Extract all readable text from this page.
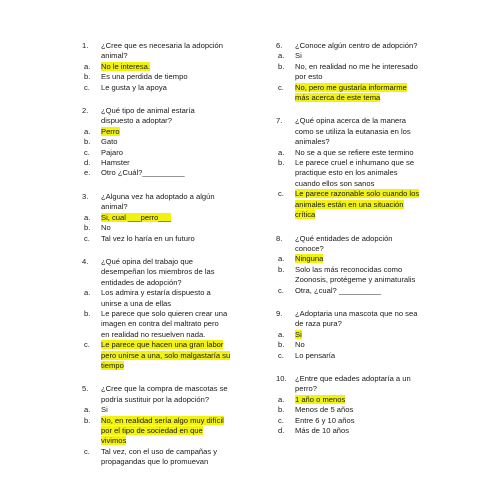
1. ¿Cree que es necesaria la adopción
animal?
a. No le interesa.
b. Es una perdida de tiempo
c. Le gusta y la apoya
2. ¿Qué tipo de animal estaría
dispuesto a adoptar?
a. Perro
b. Gato
c. Pajaro
d. Hamster
e. Otro ¿Cuál?__________
3. ¿Alguna vez ha adoptado a algún
animal?
a. Si, cual ___perro___
b. No
c. Tal vez lo haría en un futuro
4. ¿Qué opina del trabajo que
desempeñan los miembros de las
entidades de adopción?
a. Los admira y estaría dispuesto a
unirse a una de ellas
b. Le parece que solo quieren crear una
imagen en contra del maltrato pero
en realidad no resuelven nada.
c. Le parece que hacen una gran labor
pero unirse a una, solo malgastaría su
tiempo
5. ¿Cree que la compra de mascotas se
podría sustituir por la adopción?
a. Si
b. No, en realidad sería algo muy difícil
por el tipo de sociedad en que
vivimos
c. Tal vez, con el uso de campañas y
propagandas que lo promuevan
6. ¿Conoce algún centro de adopción?
a. Si
b. No, en realidad no me he interesado
por esto
c. No, pero me gustaría informarme
más acerca de este tema
7. ¿Qué opina acerca de la manera
como se utiliza la eutanasia en los
animales?
a. No se a que se refiere este termino
b. Le parece cruel e inhumano que se
practique esto en los animales
cuando ellos son sanos
c. Le parece razonable solo cuando los
animales están en una situación
crítica
8. ¿Qué entidades de adopción
conoce?
a. Ninguna
b. Solo las más reconocidas como
Zoonosis, protégeme y animaturalis
c. Otra, ¿cual? __________
9. ¿Adoptaria una mascota que no sea
de raza pura?
a. Si
b. No
c. Lo pensaría
10. ¿Entre que edades adoptaría a un
perro?
a. 1 año o menos
b. Menos de 5 años
c. Entre 6 y 10 años
d. Más de 10 años
